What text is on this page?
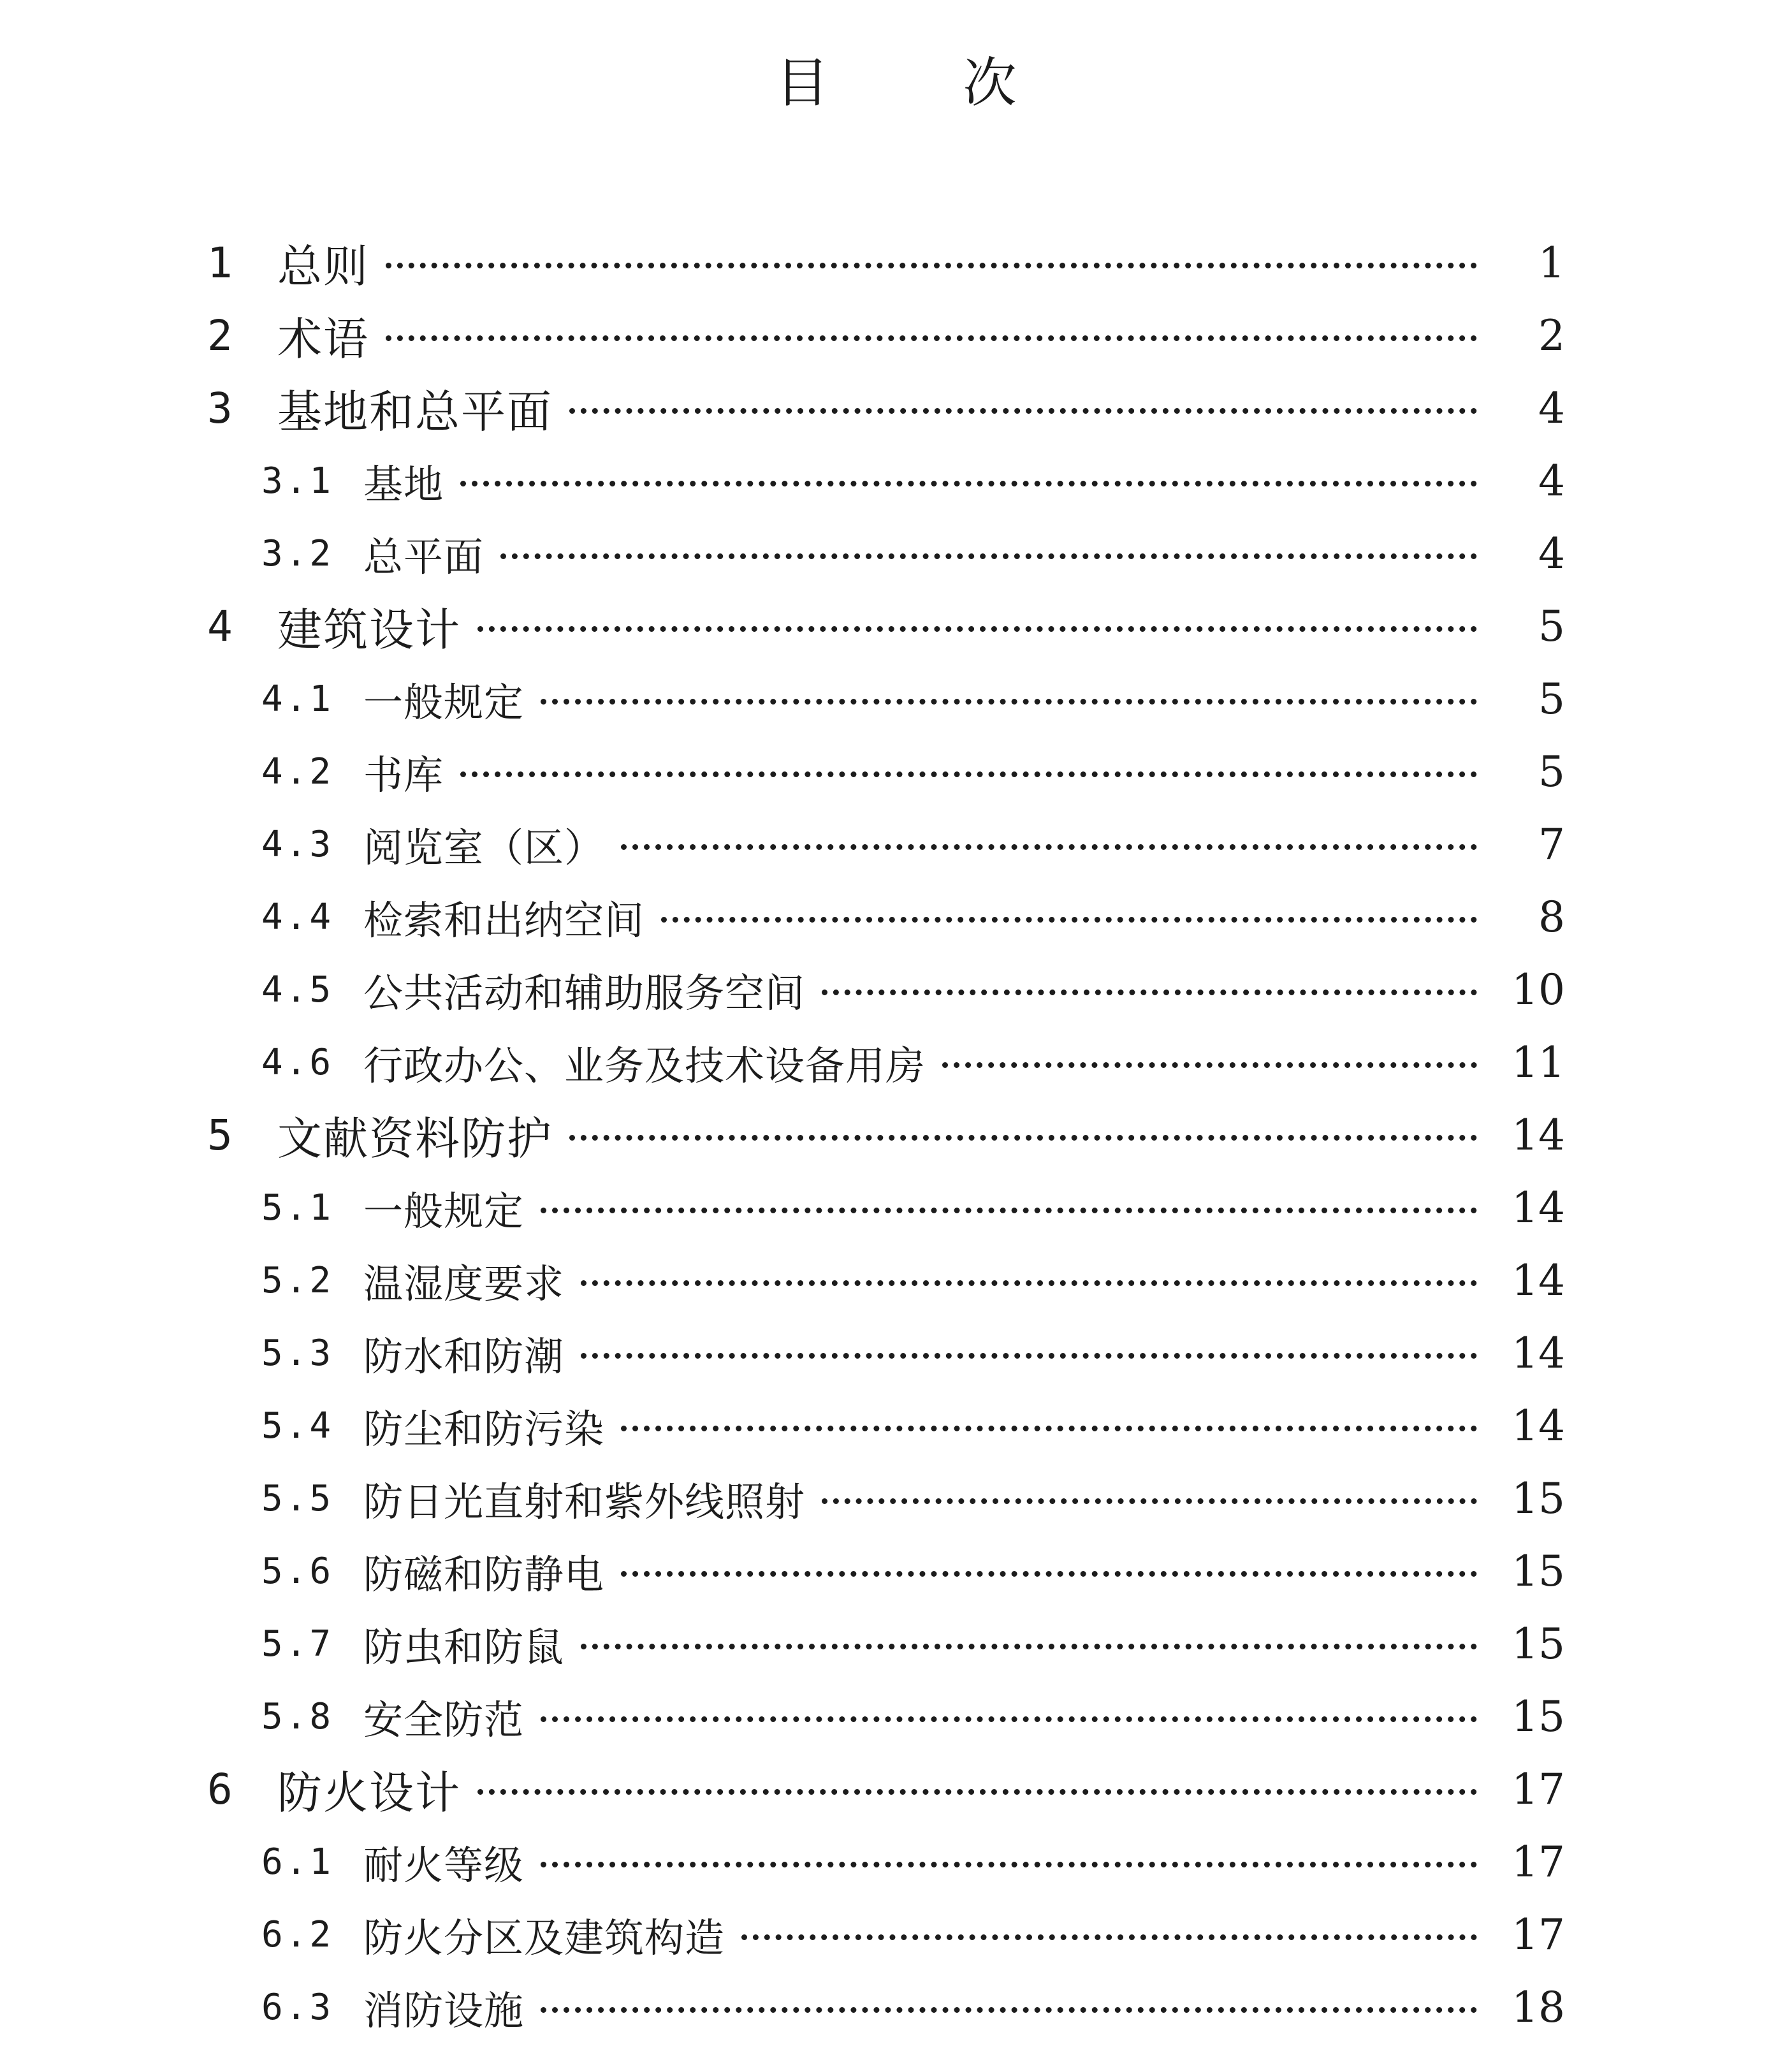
目	次
1	总则	1
2	术语	2
3	基地和总平面	4
3.1 基地	4
3.2 总平面	4
4	建筑设计	5
4.1 一般规定	5
4.2 书库	5
4.3 阅览室（区）	7
4.4 检索和出纳空间	8
4.5 公共活动和辅助服务空间	10
4.6 行政办公、业务及技术设备用房	11
5	文献资料防护	14
5.1 一般规定	14
5.2 温湿度要求	14
5.3 防水和防潮	14
5.4 防尘和防污染	14
5.5 防日光直射和紫外线照射	15
5.6 防磁和防静电	15
5.7 防虫和防鼠	15
5.8 安全防范	15
6	防火设计	17
6.1 耐火等级	17
6.2 防火分区及建筑构造	17
6.3 消防设施	18
